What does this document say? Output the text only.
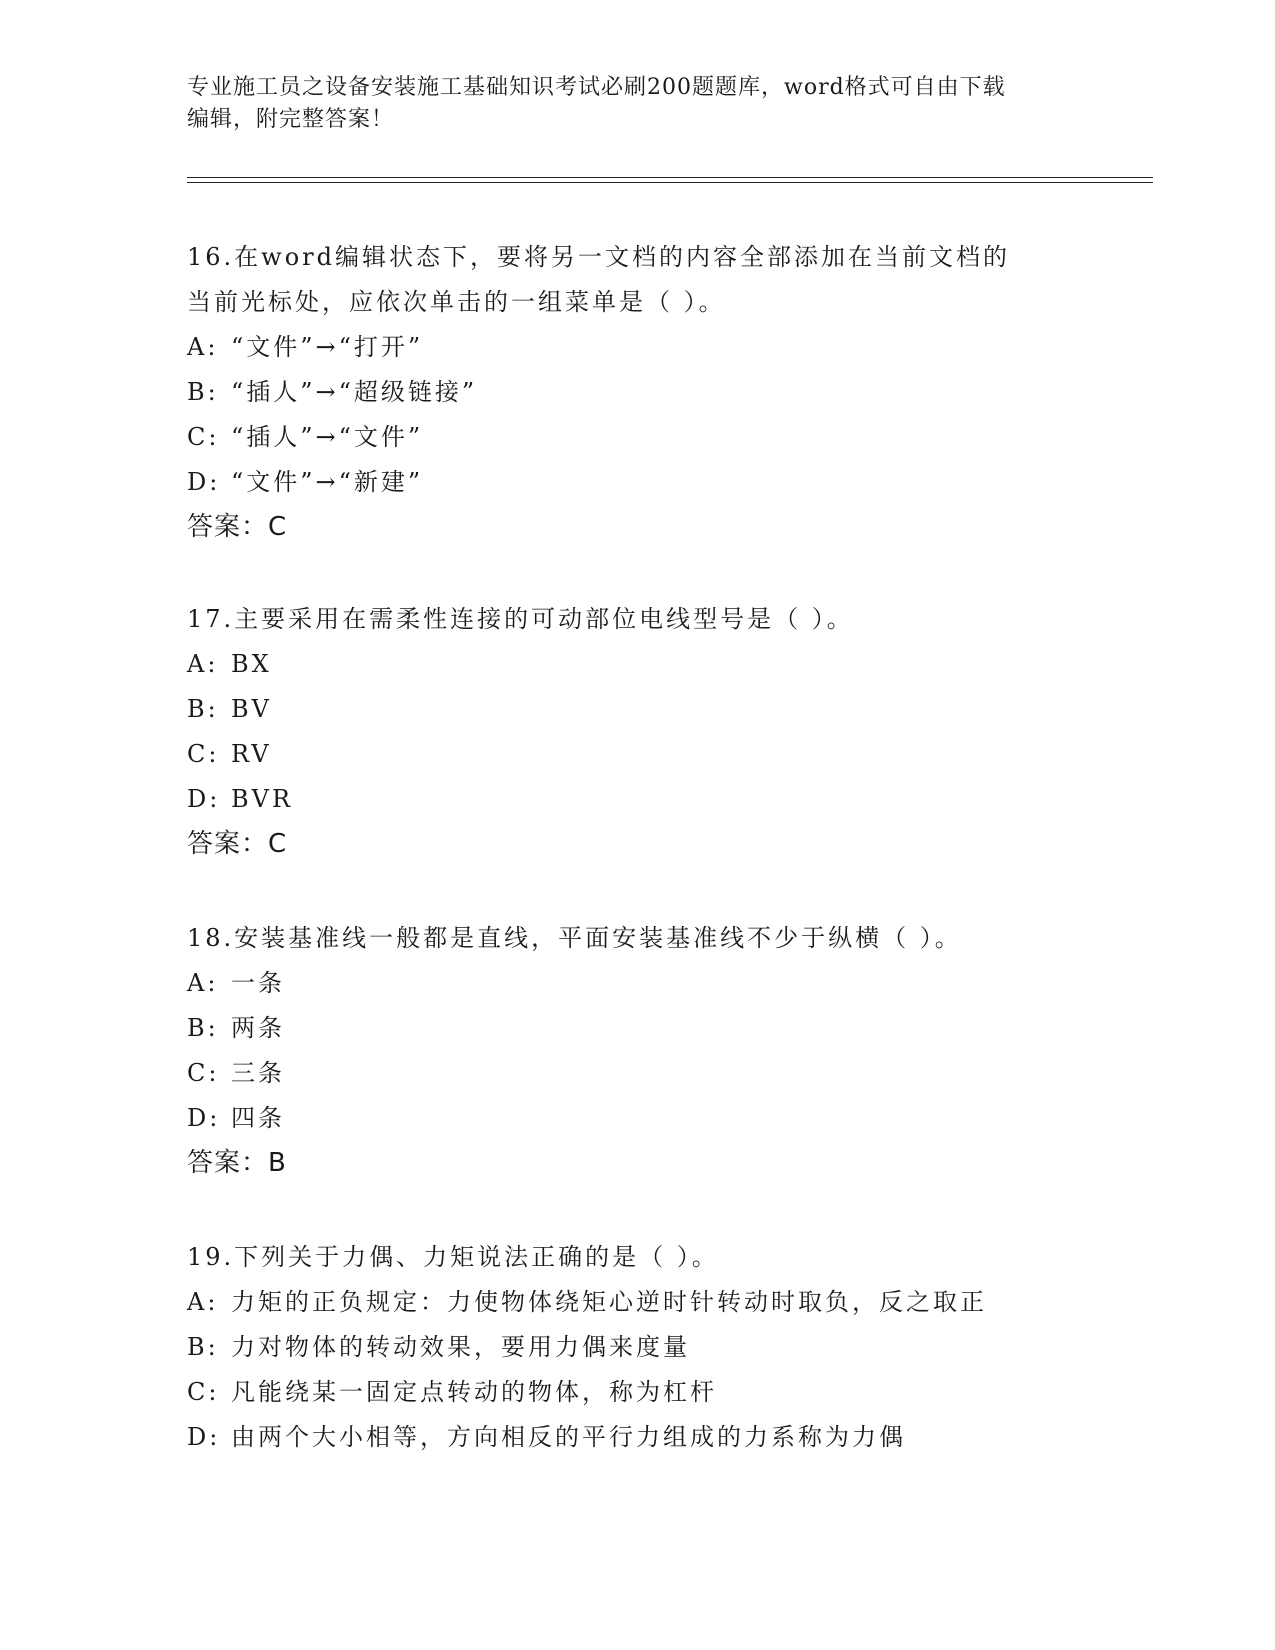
专业施工员之设备安装施工基础知识考试必刷200题题库，word格式可自由下载
编辑，附完整答案！

16.在word编辑状态下，要将另一文档的内容全部添加在当前文档的

当前光标处，应依次单击的一组菜单是（ ）。

A: “文件”→“打开”

B: “插人”→“超级链接”

C: “插人”→“文件”

D: “文件”→“新建”

答案：C

17.主要采用在需柔性连接的可动部位电线型号是（ ）。

A: BX

B: BV

C: RV

D: BVR

答案：C

18.安装基准线一般都是直线，平面安装基准线不少于纵横（ ）。

A: 一条

B: 两条

C: 三条

D: 四条

答案：B

19.下列关于力偶、力矩说法正确的是（ ）。

A: 力矩的正负规定：力使物体绕矩心逆时针转动时取负，反之取正

B: 力对物体的转动效果，要用力偶来度量

C: 凡能绕某一固定点转动的物体，称为杠杆

D: 由两个大小相等，方向相反的平行力组成的力系称为力偶
